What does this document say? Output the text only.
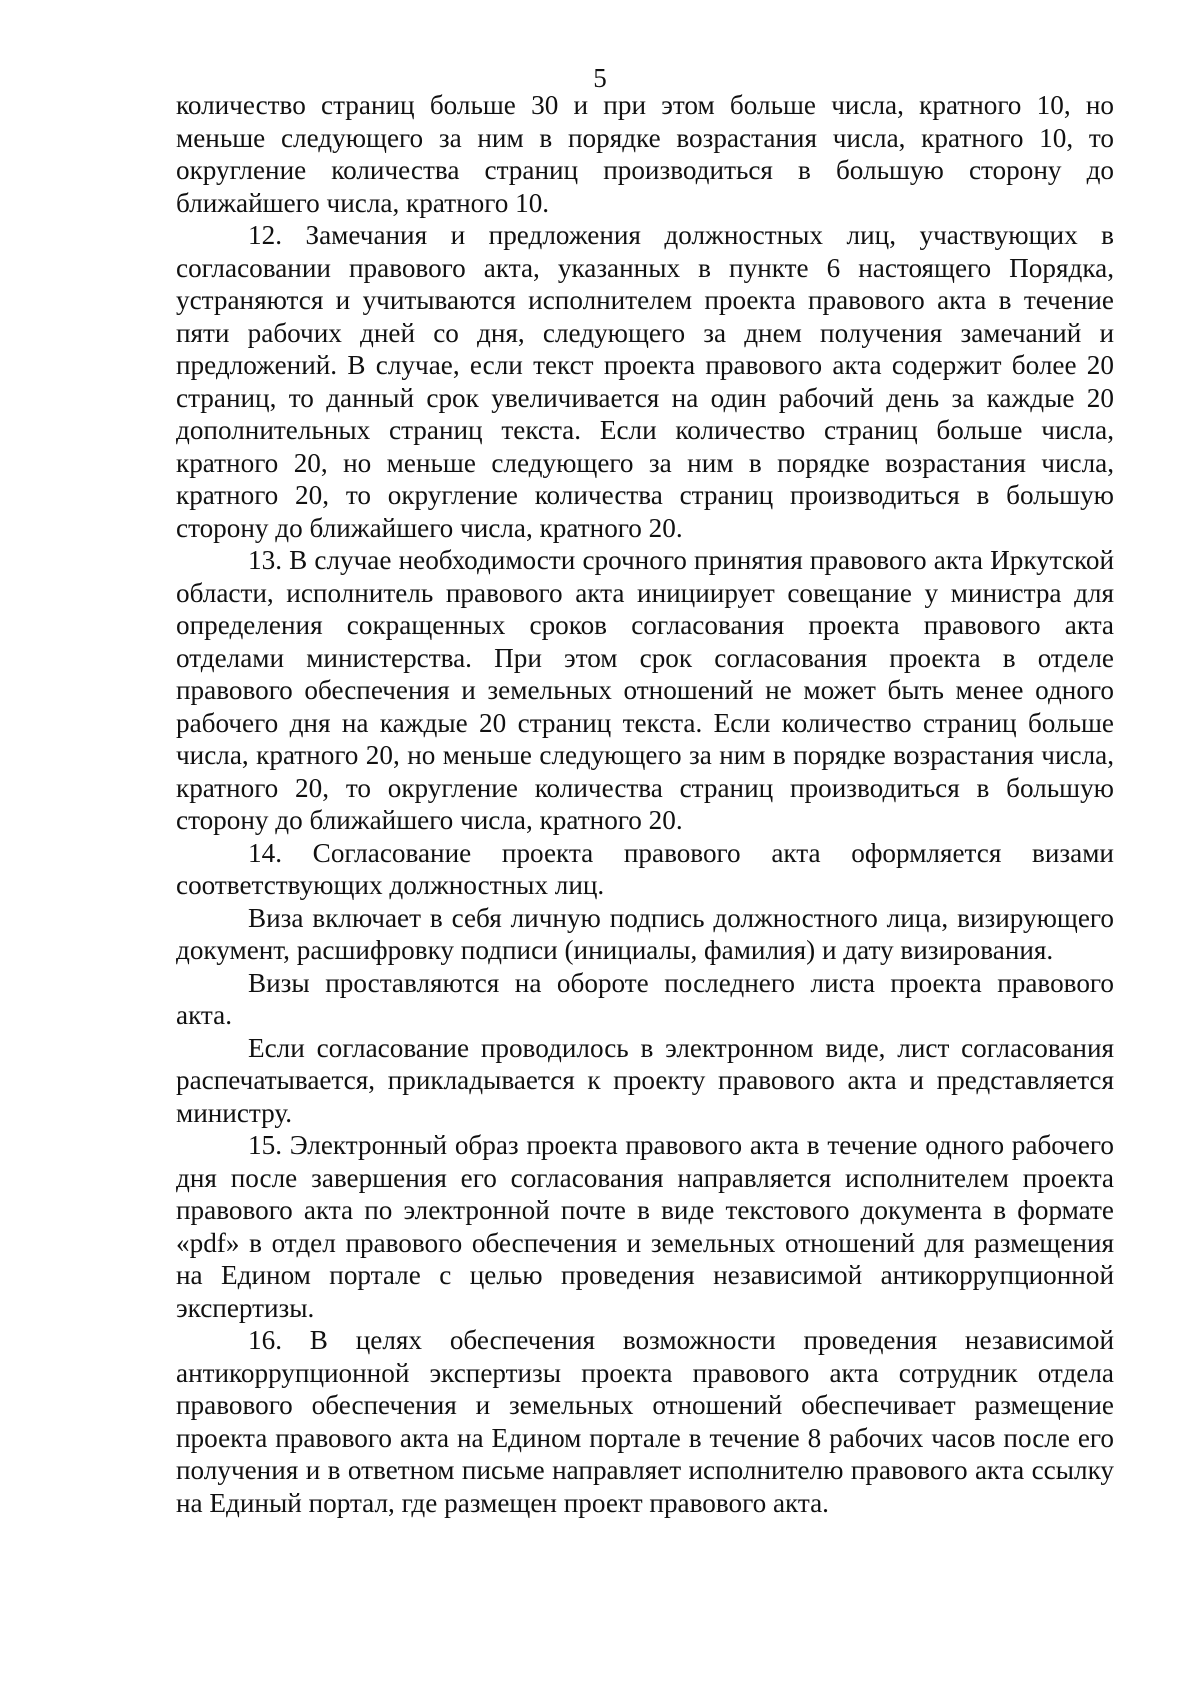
5

количество страниц больше 30 и при этом больше числа, кратного 10, но меньше следующего за ним в порядке возрастания числа, кратного 10, то округление количества страниц производиться в большую сторону до ближайшего числа, кратного 10.

12. Замечания и предложения должностных лиц, участвующих в согласовании правового акта, указанных в пункте 6 настоящего Порядка, устраняются и учитываются исполнителем проекта правового акта в течение пяти рабочих дней со дня, следующего за днем получения замечаний и предложений. В случае, если текст проекта правового акта содержит более 20 страниц, то данный срок увеличивается на один рабочий день за каждые 20 дополнительных страниц текста. Если количество страниц больше числа, кратного 20, но меньше следующего за ним в порядке возрастания числа, кратного 20, то округление количества страниц производиться в большую сторону до ближайшего числа, кратного 20.

13. В случае необходимости срочного принятия правового акта Иркутской области, исполнитель правового акта инициирует совещание у министра для определения сокращенных сроков согласования проекта правового акта отделами министерства. При этом срок согласования проекта в отделе правового обеспечения и земельных отношений не может быть менее одного рабочего дня на каждые 20 страниц текста. Если количество страниц больше числа, кратного 20, но меньше следующего за ним в порядке возрастания числа, кратного 20, то округление количества страниц производиться в большую сторону до ближайшего числа, кратного 20.

14. Согласование проекта правового акта оформляется визами соответствующих должностных лиц.

Виза включает в себя личную подпись должностного лица, визирующего документ, расшифровку подписи (инициалы, фамилия) и дату визирования.

Визы проставляются на обороте последнего листа проекта правового акта.

Если согласование проводилось в электронном виде, лист согласования распечатывается, прикладывается к проекту правового акта и представляется министру.

15. Электронный образ проекта правового акта в течение одного рабочего дня после завершения его согласования направляется исполнителем проекта правового акта по электронной почте в виде текстового документа в формате «pdf» в отдел правового обеспечения и земельных отношений для размещения на Едином портале с целью проведения независимой антикоррупционной экспертизы.

16. В целях обеспечения возможности проведения независимой антикоррупционной экспертизы проекта правового акта сотрудник отдела правового обеспечения и земельных отношений обеспечивает размещение проекта правового акта на Едином портале в течение 8 рабочих часов после его получения и в ответном письме направляет исполнителю правового акта ссылку на Единый портал, где размещен проект правового акта.
